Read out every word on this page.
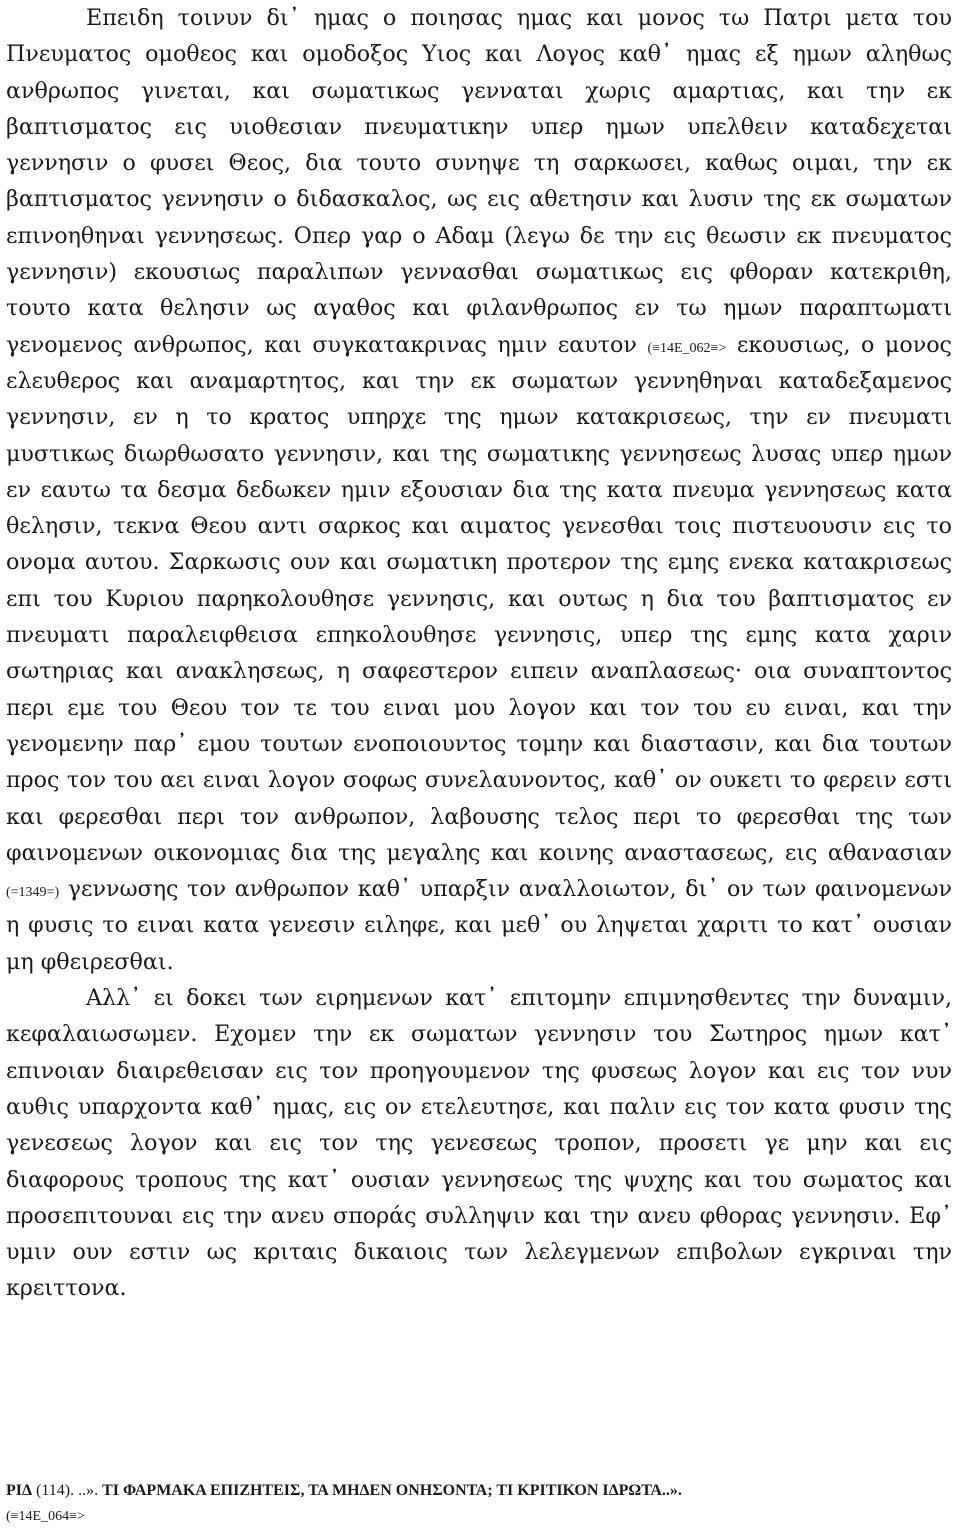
Επειδη τοινυν δι᾽ ημας ο ποιησας ημας και μονος τω Πατρι μετα του Πνευματος ομοθεος και ομοδοξος Υιος και Λογος καθ᾽ ημας εξ ημων αληθως ανθρωπος γινεται, και σωματικως γενναται χωρις αμαρτιας, και την εκ βαπτισματος εις υιοθεσιαν πνευματικην υπερ ημων υπελθειν καταδεχεται γεννησιν ο φυσει Θεος, δια τουτο συνηψε τη σαρκωσει, καθως οιμαι, την εκ βαπτισματος γεννησιν ο διδασκαλος, ως εις αθετησιν και λυσιν της εκ σωματων επινοηθηναι γεννησεως. Οπερ γαρ ο Αδαμ (λεγω δε την εις θεωσιν εκ πνευματος γεννησιν) εκουσιως παραλιπων γεννασθαι σωματικως εις φθοραν κατεκριθη, τουτο κατα θελησιν ως αγαθος και φιλανθρωπος εν τω ημων παραπτωματι γενομενος ανθρωπος, και συγκατακρινας ημιν εαυτον (≡14E_062≡> εκουσιως, ο μονος ελευθερος και αναμαρτητος, και την εκ σωματων γεννηθηναι καταδεξαμενος γεννησιν, εν η το κρατος υπηρχε της ημων κατακρισεως, την εν πνευματι μυστικως διωρθωσατο γεννησιν, και της σωματικης γεννησεως λυσας υπερ ημων εν εαυτω τα δεσμα δεδωκεν ημιν εξουσιαν δια της κατα πνευμα γεννησεως κατα θελησιν, τεκνα Θεου αντι σαρκος και αιματος γενεσθαι τοις πιστευουσιν εις το ονομα αυτου. Σαρκωσις ουν και σωματικη προτερον της εμης ενεκα κατακρισεως επι του Κυριου παρηκολουθησε γεννησις, και ουτως η δια του βαπτισματος εν πνευματι παραλειφθεισα επηκολουθησε γεννησις, υπερ της εμης κατα χαριν σωτηριας και ανακλησεως, η σαφεστερον ειπειν αναπλασεως· οια συναπτοντος περι εμε του Θεου τον τε του ειναι μου λογον και τον του ευ ειναι, και την γενομενην παρ᾽ εμου τουτων ενοποιουντος τομην και διαστασιν, και δια τουτων προς τον του αει ειναι λογον σοφως συνελαυνοντος, καθ᾽ ον ουκετι το φερειν εστι και φερεσθαι περι τον ανθρωπον, λαβουσης τελος περι το φερεσθαι της των φαινομενων οικονομιας δια της μεγαλης και κοινης αναστασεως, εις αθανασιαν (=1349=) γεννωσης τον ανθρωπον καθ᾽ υπαρξιν αναλλοιωτον, δι᾽ ον των φαινομενων η φυσις το ειναι κατα γενεσιν ειληφε, και μεθ᾽ ου ληψεται χαριτι το κατ᾽ ουσιαν μη φθειρεσθαι.

Αλλ᾽ ει δοκει των ειρημενων κατ᾽ επιτομην επιμνησθεντες την δυναμιν, κεφαλαιωσωμεν. Εχομεν την εκ σωματων γεννησιν του Σωτηρος ημων κατ᾽ επινοιαν διαιρεθεισαν εις τον προηγουμενον της φυσεως λογον και εις τον νυν αυθις υπαρχοντα καθ᾽ ημας, εις ον ετελευτησε, και παλιν εις τον κατα φυσιν της γενεσεως λογον και εις τον της γενεσεως τροπον, προσετι γε μην και εις διαφορους τροπους της κατ᾽ ουσιαν γεννησεως της ψυχης και του σωματος και προσεπιτουναι εις την ανευ σποράς συλληψιν και την ανευ φθορας γεννησιν. Εφ᾽ υμιν ουν εστιν ως κριταις δικαιοις των λελεγμενων επιβολων εγκριναι την κρειττονα.

ΡΙΔ (114). ..». ΤΙ ΦΑΡΜΑΚΑ ΕΠΙΖΗΤΕΙΣ, ΤΑ ΜΗΔΕΝ ΟΝΗΣΟΝΤΑ; ΤΙ ΚΡΙΤΙΚΟΝ ΙΔΡΩΤΑ..».

(≡14E_064≡>
